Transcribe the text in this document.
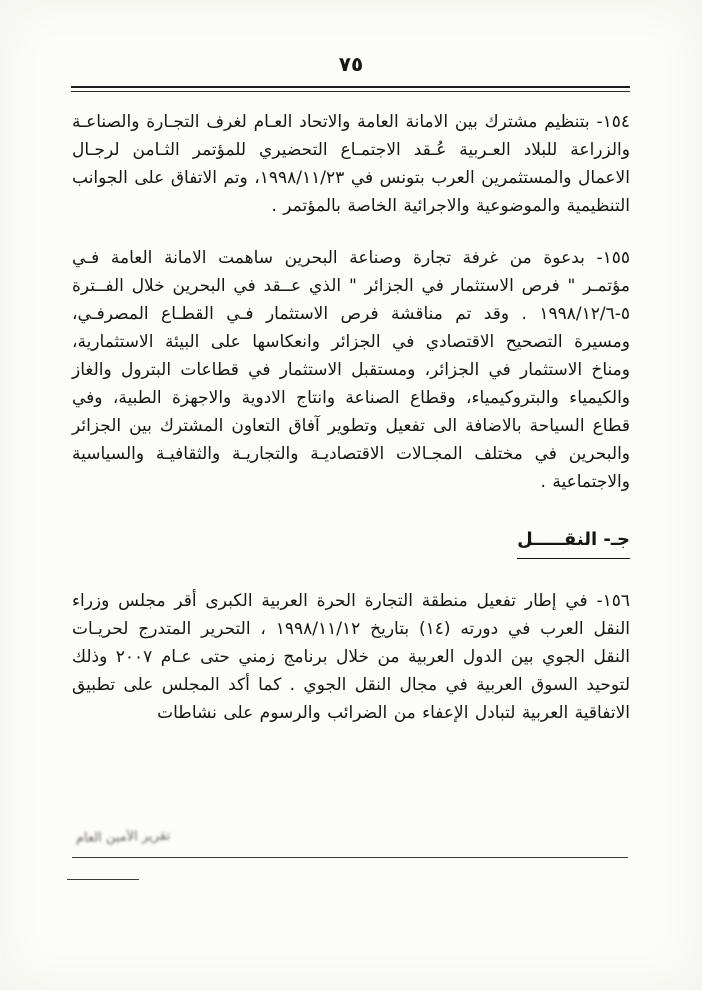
٧٥

١٥٤- بتنظيم مشترك بين الامانة العامة والاتحاد العـام لغرف التجـارة والصناعـة والزراعة للبلاد العـربية عُـقد الاجتمـاع التحضيري للمؤتمر الثـامن لرجـال الاعمال والمستثمرين العرب بتونس في ١٩٩٨/١١/٢٣، وتم الاتفاق على الجوانب التنظيمية والموضوعية والاجرائية الخاصة بالمؤتمر .

١٥٥- بدعوة من غرفة تجارة وصناعة البحرين ساهمت الامانة العامة فـي مؤتمـر " فرص الاستثمار في الجزائر " الذي عــقد في البحرين خلال الفــترة ٥-١٩٩٨/١٢/٦ . وقد تم مناقشة فرص الاستثمار فـي القطـاع المصرفـي، ومسيرة التصحيح الاقتصادي في الجزائر وانعكاسها على البيئة الاستثمارية، ومناخ الاستثمار في الجزائر، ومستقبل الاستثمار في قطاعات البترول والغاز والكيمياء والبتروكيمياء، وقطاع الصناعة وانتاج الادوية والاجهزة الطبية، وفي قطاع السياحة بالاضافة الى تفعيل وتطوير آفاق التعاون المشترك بين الجزائر والبحرين في مختلف المجـالات الاقتصاديـة والتجاريـة والثقافيـة والسياسية والاجتماعية .

جـ- النقـــــل

١٥٦- في إطار تفعيل منطقة التجارة الحرة العربية الكبرى أقر مجلس وزراء النقل العرب في دورته (١٤) بتاريخ ١٩٩٨/١١/١٢ ، التحرير المتدرج لحريـات النقل الجوي بين الدول العربية من خلال برنامج زمني حتى عـام ٢٠٠٧ وذلك لتوحيد السوق العربية في مجال النقل الجوي . كما أكد المجلس على تطبيق الاتفاقية العربية لتبادل الإعفاء من الضرائب والرسوم على نشاطات

تقرير الأمين العام
